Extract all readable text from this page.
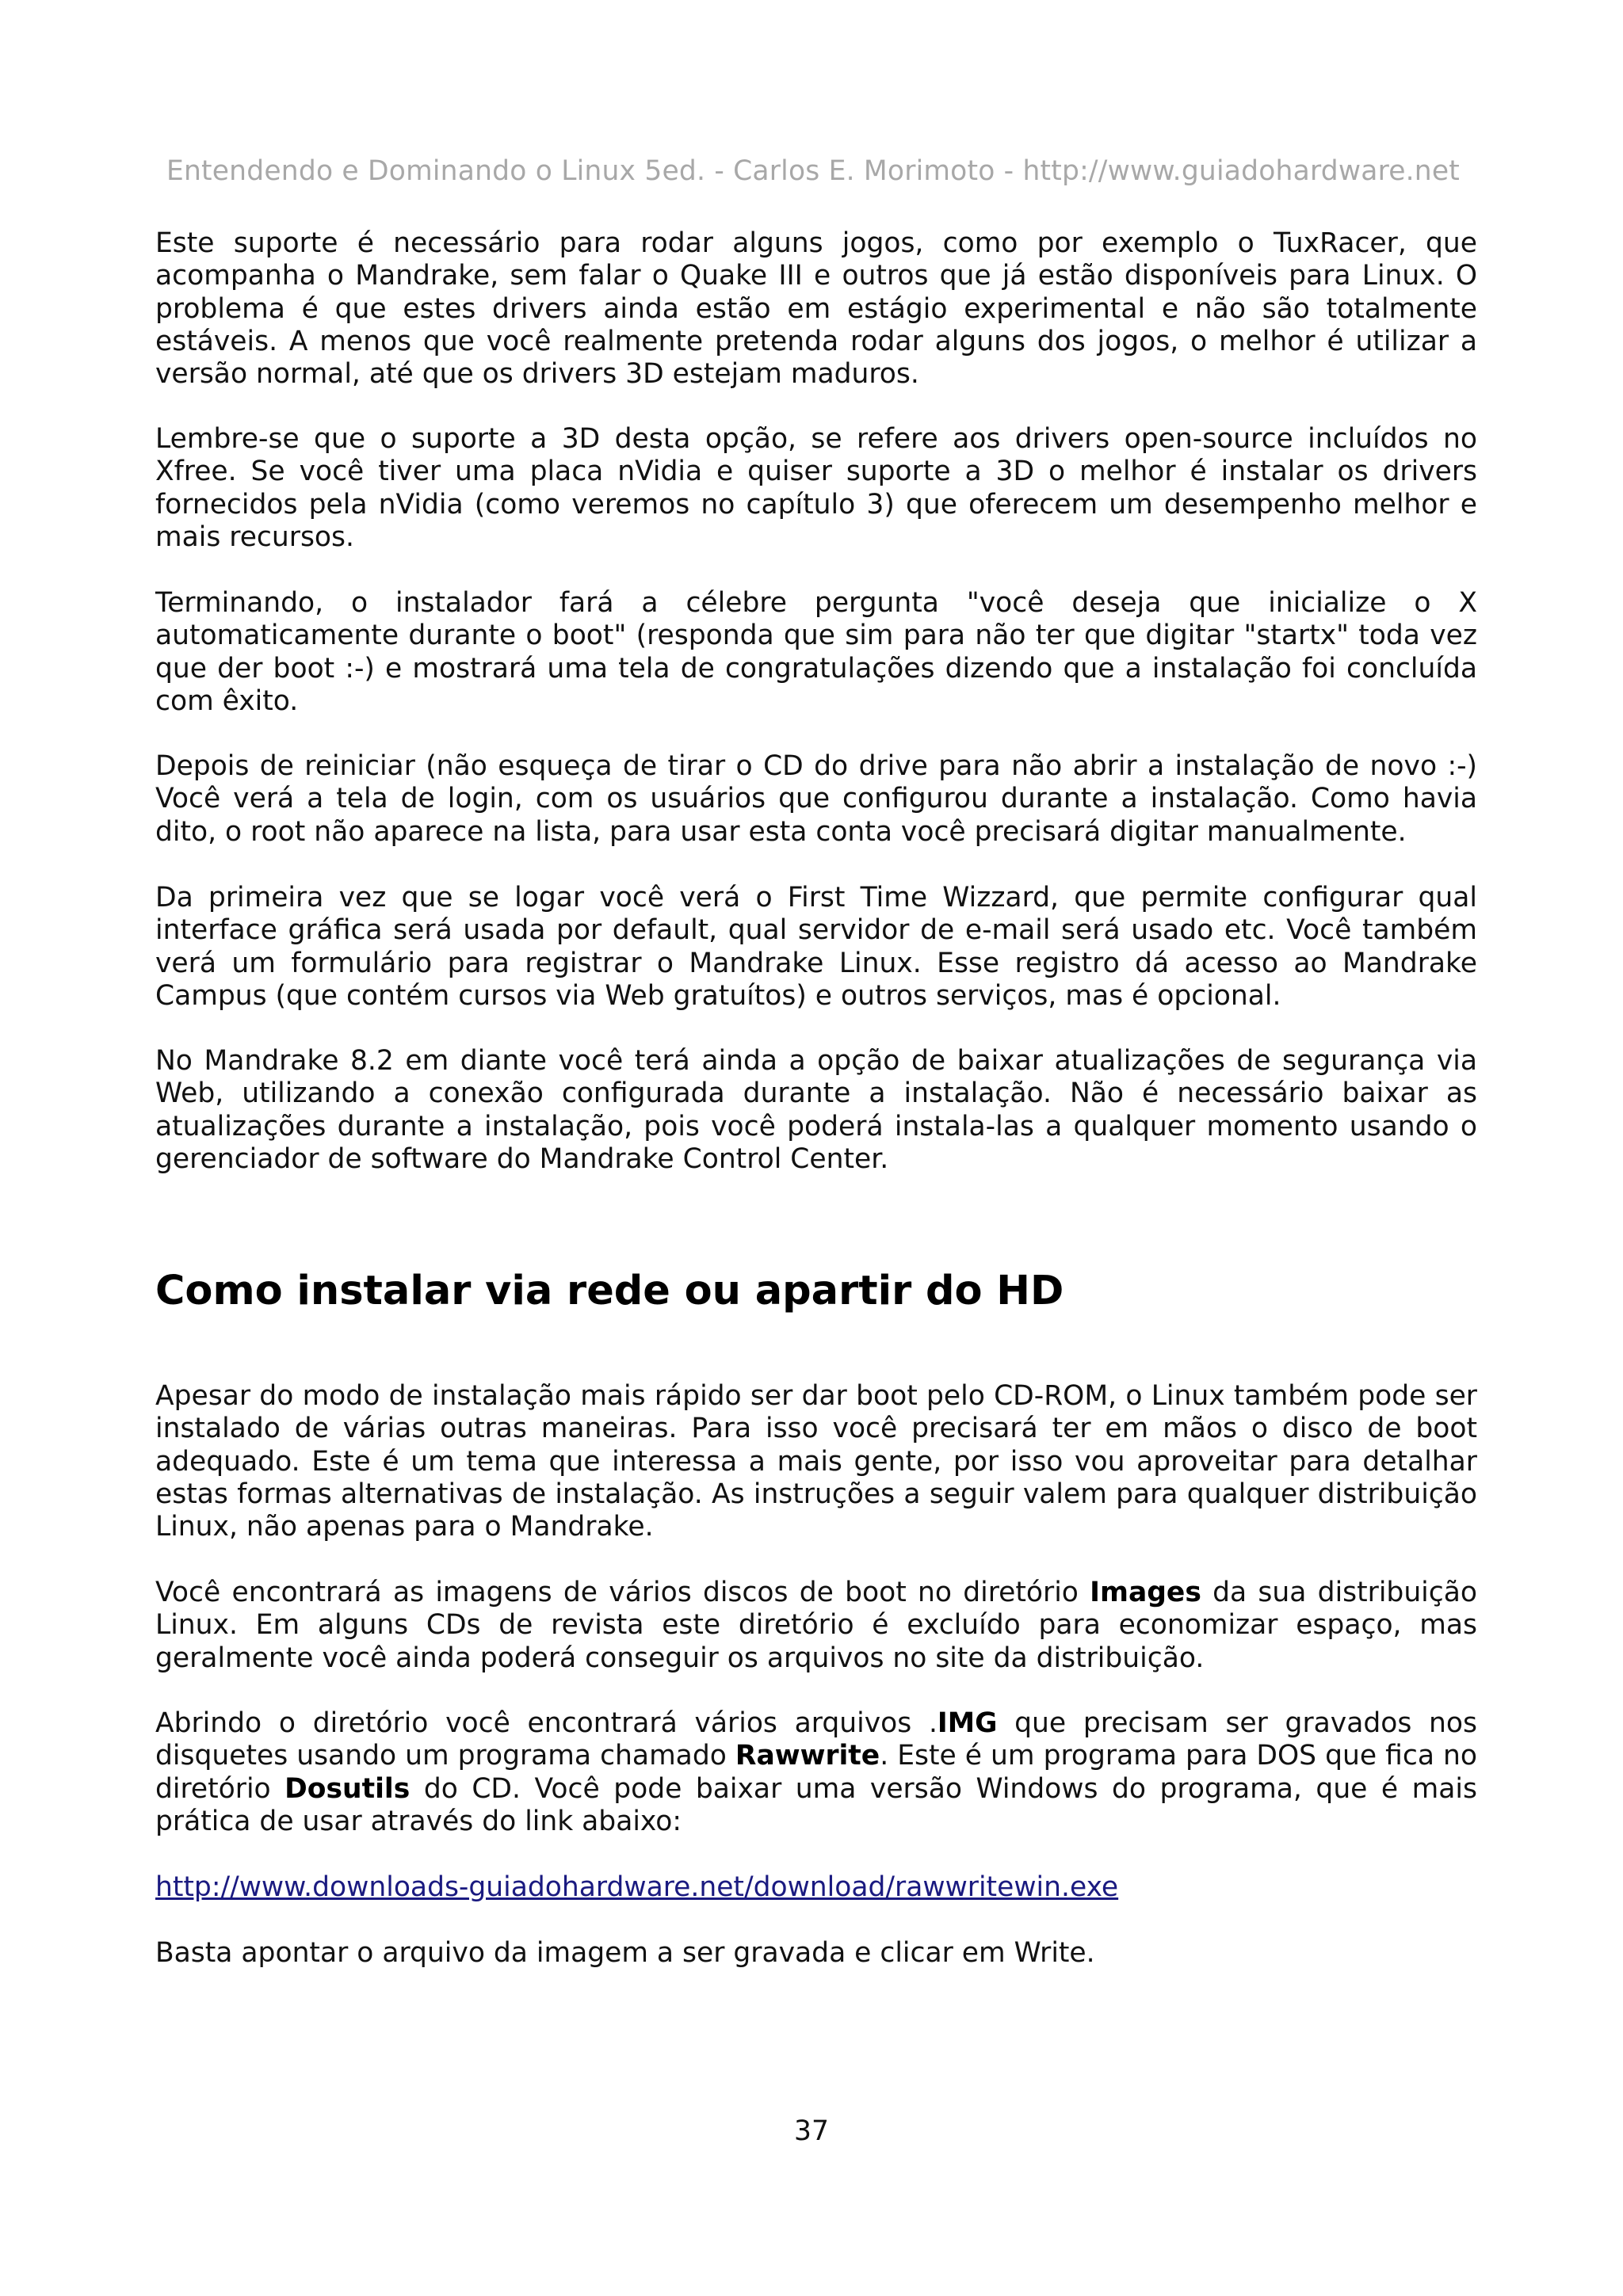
Entendendo e Dominando o Linux 5ed. - Carlos E. Morimoto - http://www.guiadohardware.net

Este suporte é necessário para rodar alguns jogos, como por exemplo o TuxRacer, que acompanha o Mandrake, sem falar o Quake III e outros que já estão disponíveis para Linux. O problema é que estes drivers ainda estão em estágio experimental e não são totalmente estáveis. A menos que você realmente pretenda rodar alguns dos jogos, o melhor é utilizar a versão normal, até que os drivers 3D estejam maduros.

Lembre-se que o suporte a 3D desta opção, se refere aos drivers open-source incluídos no Xfree. Se você tiver uma placa nVidia e quiser suporte a 3D o melhor é instalar os drivers fornecidos pela nVidia (como veremos no capítulo 3) que oferecem um desempenho melhor e mais recursos.

Terminando, o instalador fará a célebre pergunta "você deseja que inicialize o X automaticamente durante o boot" (responda que sim para não ter que digitar "startx" toda vez que der boot :-) e mostrará uma tela de congratulações dizendo que a instalação foi concluída com êxito.

Depois de reiniciar (não esqueça de tirar o CD do drive para não abrir a instalação de novo :-) Você verá a tela de login, com os usuários que configurou durante a instalação. Como havia dito, o root não aparece na lista, para usar esta conta você precisará digitar manualmente.

Da primeira vez que se logar você verá o First Time Wizzard, que permite configurar qual interface gráfica será usada por default, qual servidor de e-mail será usado etc. Você também verá um formulário para registrar o Mandrake Linux. Esse registro dá acesso ao Mandrake Campus (que contém cursos via Web gratuítos) e outros serviços, mas é opcional.

No Mandrake 8.2 em diante você terá ainda a opção de baixar atualizações de segurança via Web, utilizando a conexão configurada durante a instalação. Não é necessário baixar as atualizações durante a instalação, pois você poderá instala-las a qualquer momento usando o gerenciador de software do Mandrake Control Center.

Como instalar via rede ou apartir do HD

Apesar do modo de instalação mais rápido ser dar boot pelo CD-ROM, o Linux também pode ser instalado de várias outras maneiras. Para isso você precisará ter em mãos o disco de boot adequado. Este é um tema que interessa a mais gente, por isso vou aproveitar para detalhar estas formas alternativas de instalação. As instruções a seguir valem para qualquer distribuição Linux, não apenas para o Mandrake.

Você encontrará as imagens de vários discos de boot no diretório Images da sua distribuição Linux. Em alguns CDs de revista este diretório é excluído para economizar espaço, mas geralmente você ainda poderá conseguir os arquivos no site da distribuição.

Abrindo o diretório você encontrará vários arquivos .IMG que precisam ser gravados nos disquetes usando um programa chamado Rawwrite. Este é um programa para DOS que fica no diretório Dosutils do CD. Você pode baixar uma versão Windows do programa, que é mais prática de usar através do link abaixo:

http://www.downloads-guiadohardware.net/download/rawwritewin.exe

Basta apontar o arquivo da imagem a ser gravada e clicar em Write.

37
